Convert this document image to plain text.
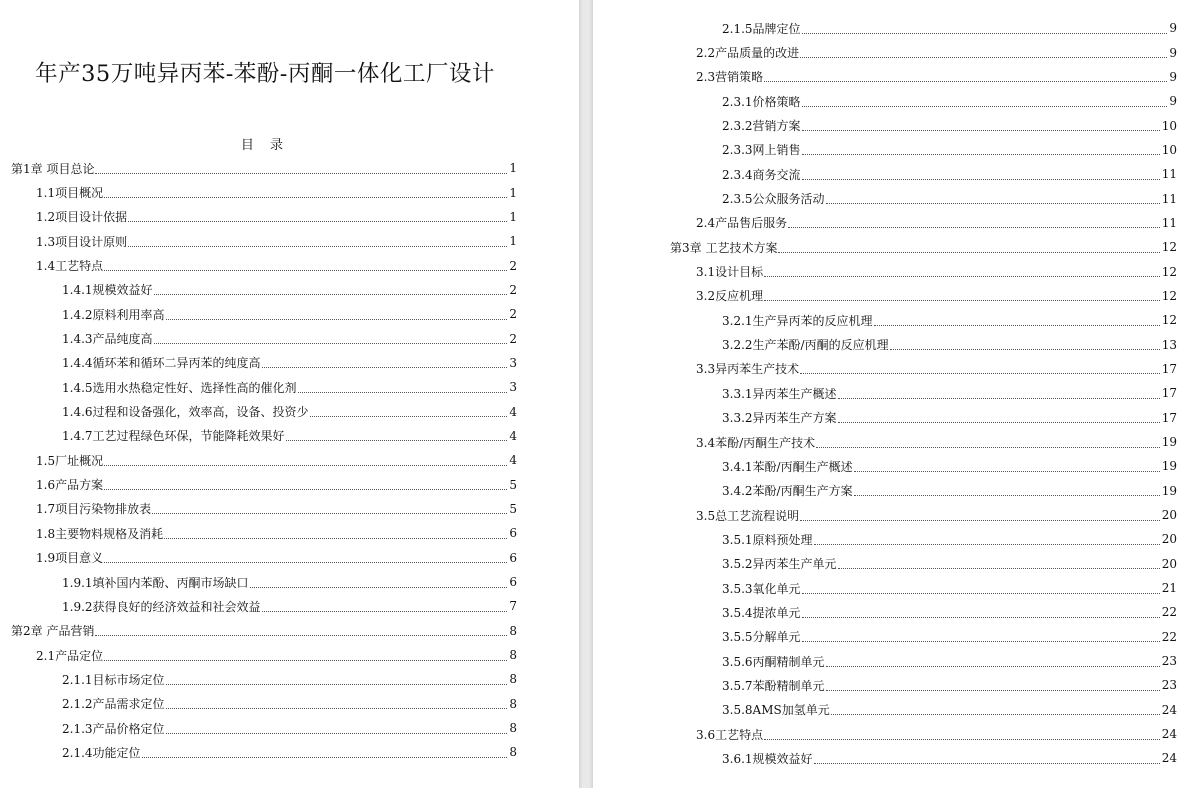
年产35万吨异丙苯-苯酚-丙酮一体化工厂设计
目 录
第1章 项目总论	1
1.1项目概况	1
1.2项目设计依据	1
1.3项目设计原则	1
1.4工艺特点	2
1.4.1规模效益好	2
1.4.2原料利用率高	2
1.4.3产品纯度高	2
1.4.4循环苯和循环二异丙苯的纯度高	3
1.4.5选用水热稳定性好、选择性高的催化剂	3
1.4.6过程和设备强化，效率高，设备、投资少	4
1.4.7工艺过程绿色环保，节能降耗效果好	4
1.5厂址概况	4
1.6产品方案	5
1.7项目污染物排放表	5
1.8主要物料规格及消耗	6
1.9项目意义	6
1.9.1填补国内苯酚、丙酮市场缺口	6
1.9.2获得良好的经济效益和社会效益	7
第2章 产品营销	8
2.1产品定位	8
2.1.1目标市场定位	8
2.1.2产品需求定位	8
2.1.3产品价格定位	8
2.1.4功能定位	8
2.1.5品牌定位	9
2.2产品质量的改进	9
2.3营销策略	9
2.3.1价格策略	9
2.3.2营销方案	10
2.3.3网上销售	10
2.3.4商务交流	11
2.3.5公众服务活动	11
2.4产品售后服务	11
第3章 工艺技术方案	12
3.1设计目标	12
3.2反应机理	12
3.2.1生产异丙苯的反应机理	12
3.2.2生产苯酚/丙酮的反应机理	13
3.3异丙苯生产技术	17
3.3.1异丙苯生产概述	17
3.3.2异丙苯生产方案	17
3.4苯酚/丙酮生产技术	19
3.4.1苯酚/丙酮生产概述	19
3.4.2苯酚/丙酮生产方案	19
3.5总工艺流程说明	20
3.5.1原料预处理	20
3.5.2异丙苯生产单元	20
3.5.3氧化单元	21
3.5.4提浓单元	22
3.5.5分解单元	22
3.5.6丙酮精制单元	23
3.5.7苯酚精制单元	23
3.5.8AMS加氢单元	24
3.6工艺特点	24
3.6.1规模效益好	24
